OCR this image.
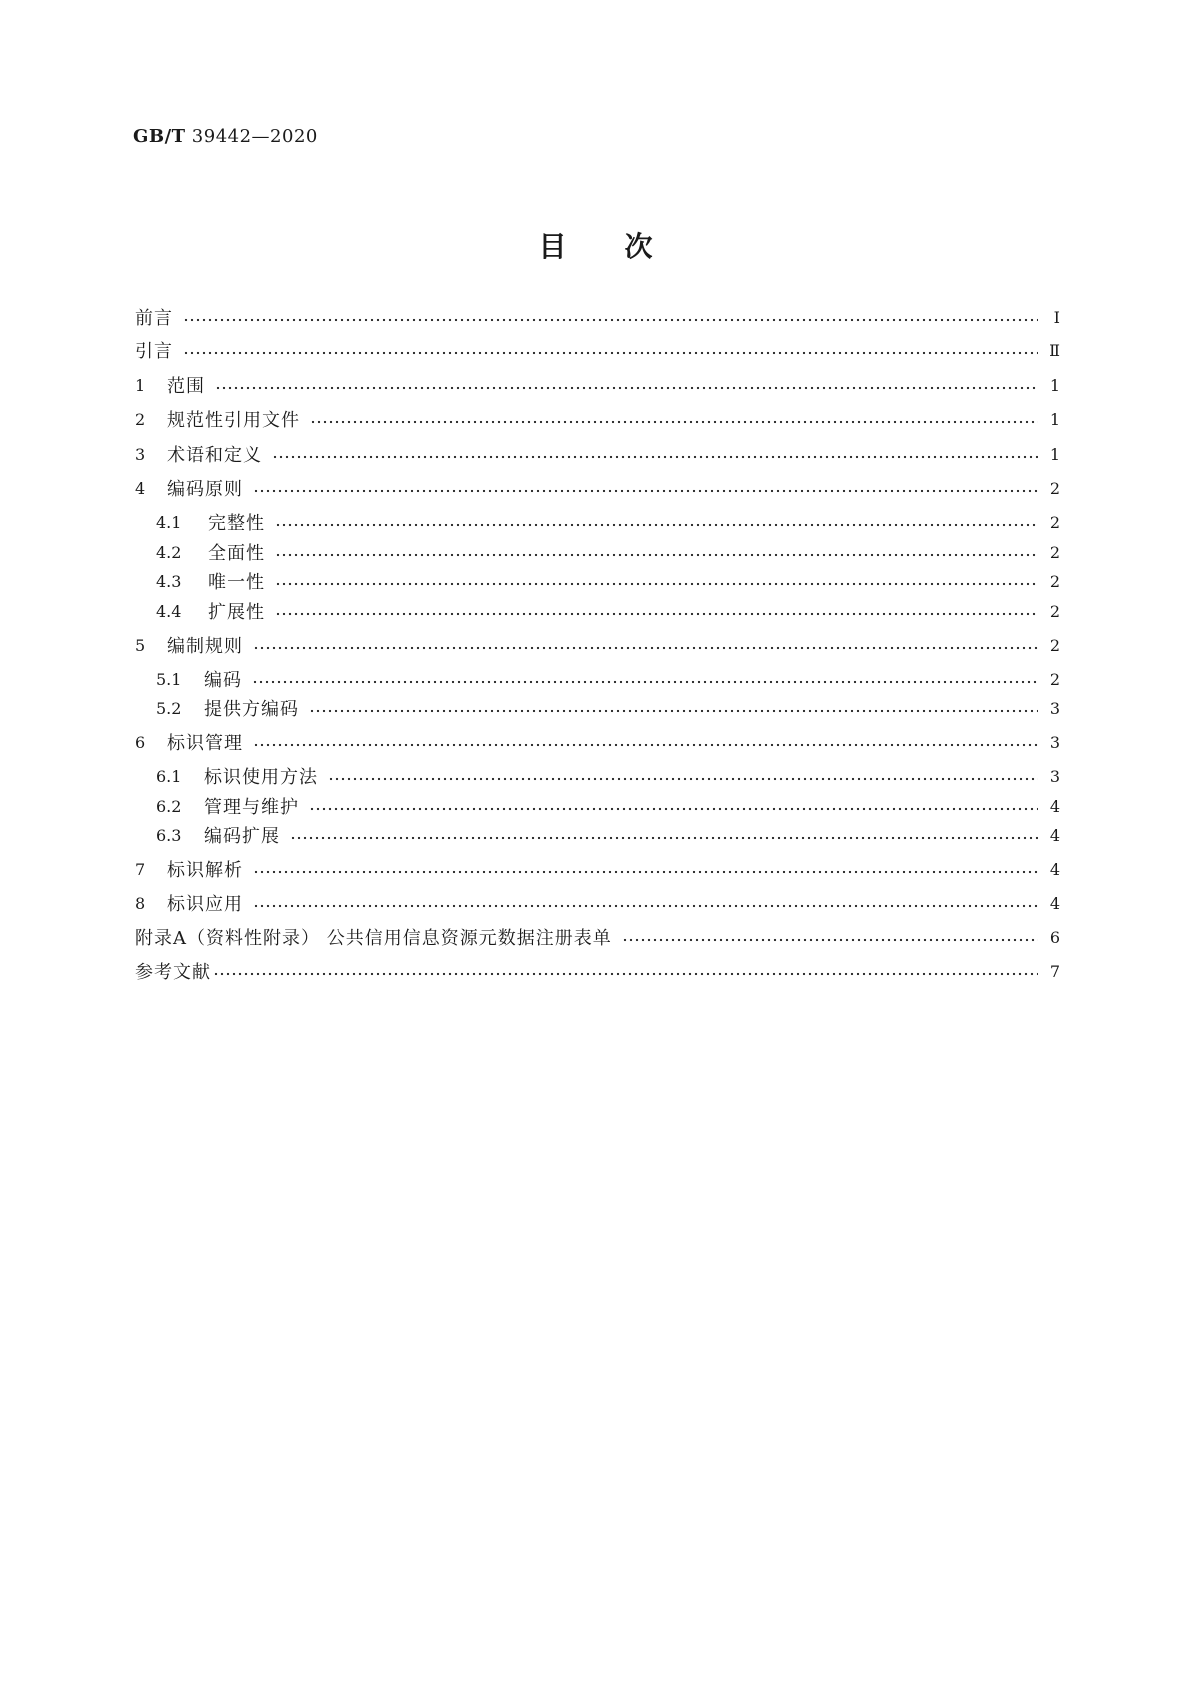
GB/T 39442—2020
目次
前言	Ⅰ
引言	Ⅱ
1	范围	1
2	规范性引用文件	1
3	术语和定义	1
4	编码原则	2
4.1	完整性	2
4.2	全面性	2
4.3	唯一性	2
4.4	扩展性	2
5	编制规则	2
5.1	编码	2
5.2	提供方编码	3
6	标识管理	3
6.1	标识使用方法	3
6.2	管理与维护	4
6.3	编码扩展	4
7	标识解析	4
8	标识应用	4
附录A（资料性附录） 公共信用信息资源元数据注册表单	6
参考文献	7
